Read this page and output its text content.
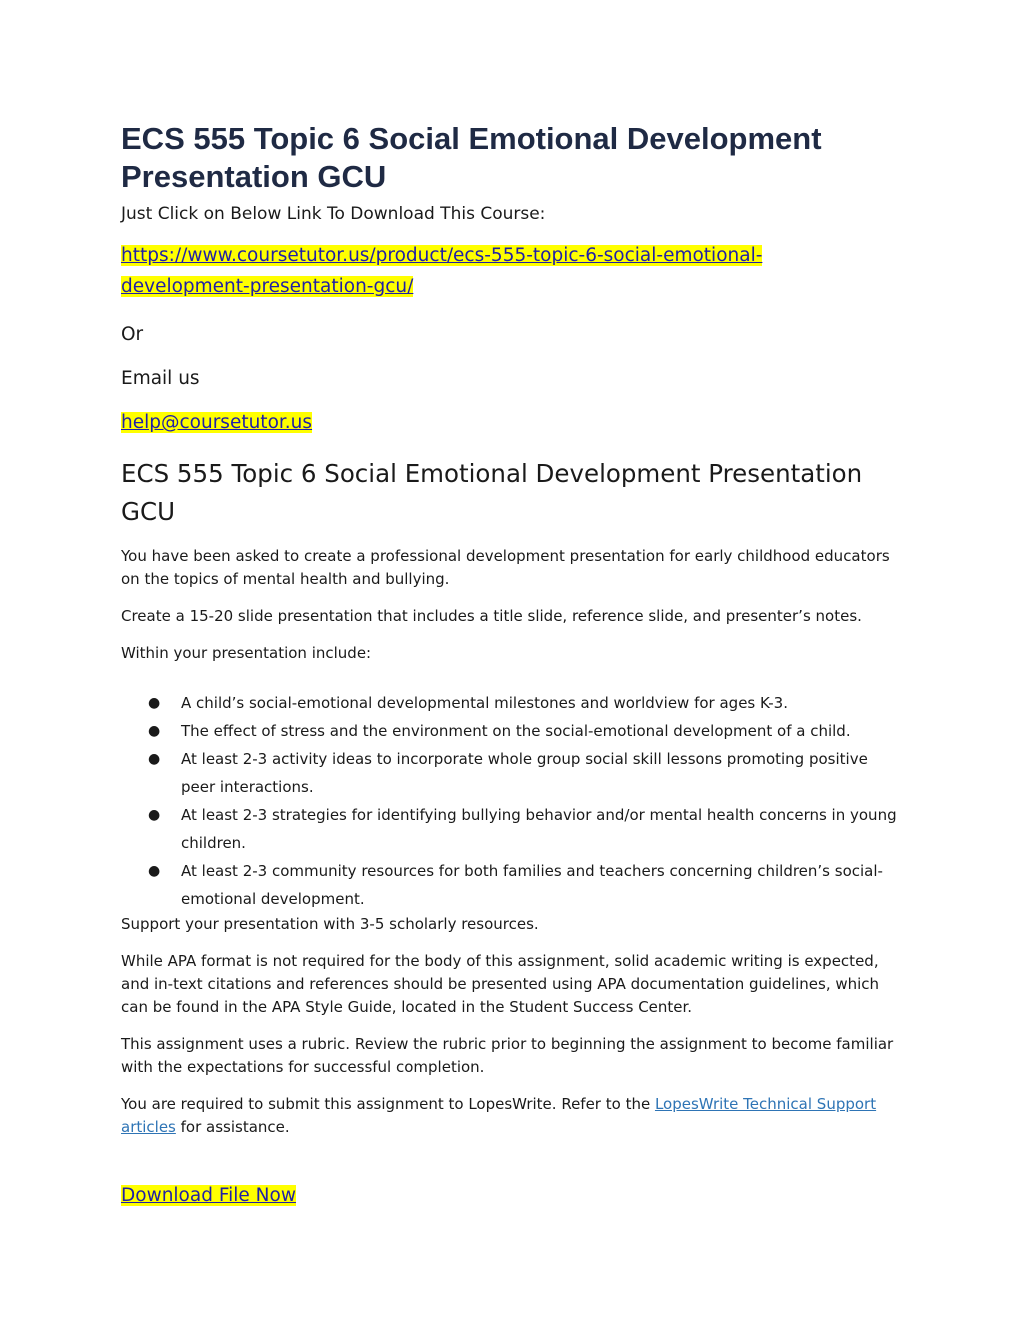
ECS 555 Topic 6 Social Emotional Development Presentation GCU

Just Click on Below Link To Download This Course:

https://www.coursetutor.us/product/ecs-555-topic-6-social-emotional-
development-presentation-gcu/

Or

Email us

help@coursetutor.us

ECS 555 Topic 6 Social Emotional Development Presentation GCU

You have been asked to create a professional development presentation for early childhood educators on the topics of mental health and bullying.

Create a 15-20 slide presentation that includes a title slide, reference slide, and presenter’s notes.

Within your presentation include:

● A child’s social-emotional developmental milestones and worldview for ages K-3.
● The effect of stress and the environment on the social-emotional development of a child.
● At least 2-3 activity ideas to incorporate whole group social skill lessons promoting positive peer interactions.
● At least 2-3 strategies for identifying bullying behavior and/or mental health concerns in young children.
● At least 2-3 community resources for both families and teachers concerning children’s social-emotional development.

Support your presentation with 3-5 scholarly resources.

While APA format is not required for the body of this assignment, solid academic writing is expected, and in-text citations and references should be presented using APA documentation guidelines, which can be found in the APA Style Guide, located in the Student Success Center.

This assignment uses a rubric. Review the rubric prior to beginning the assignment to become familiar with the expectations for successful completion.

You are required to submit this assignment to LopesWrite. Refer to the LopesWrite Technical Support articles for assistance.

Download File Now
